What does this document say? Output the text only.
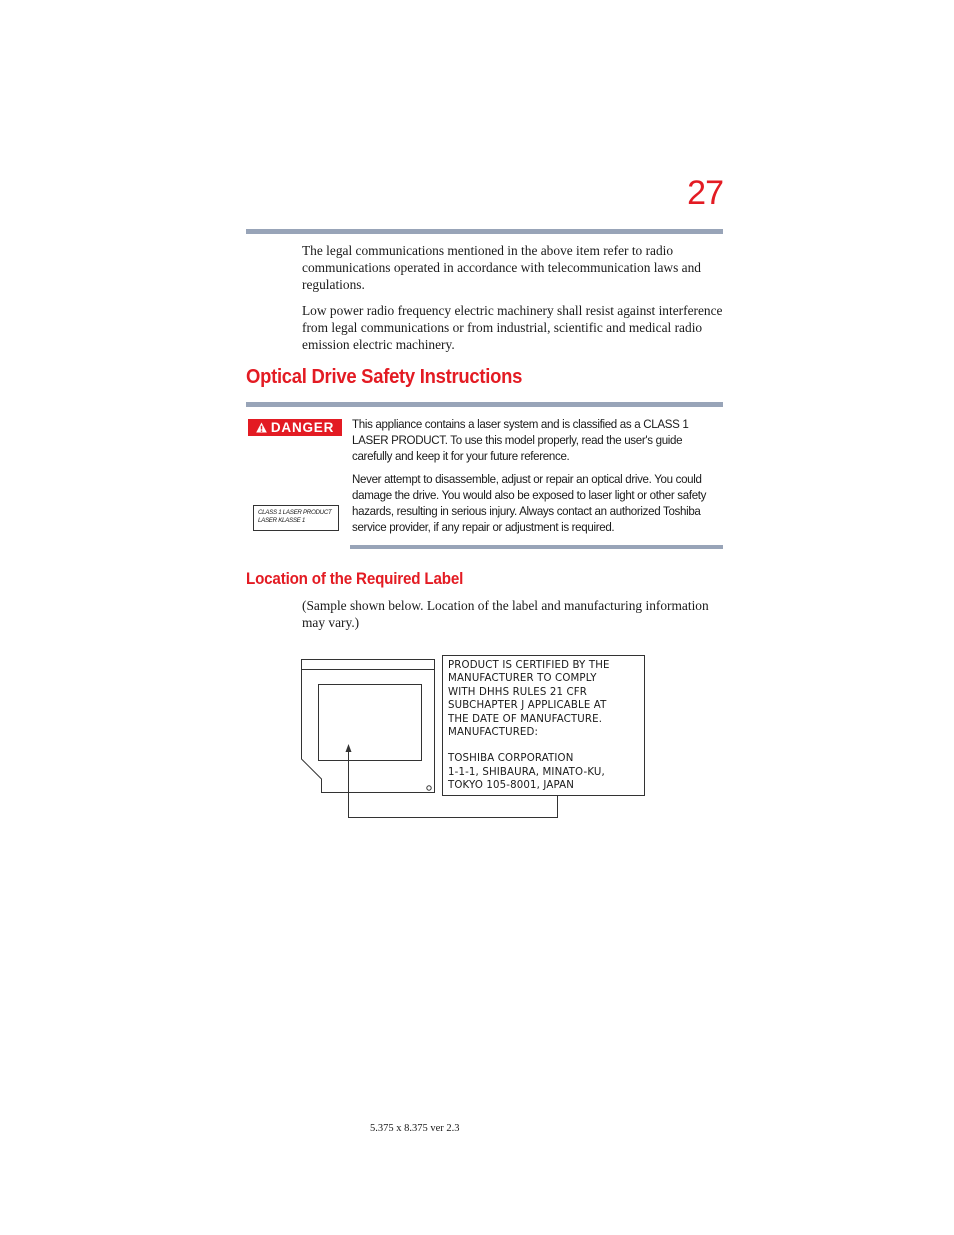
27

The legal communications mentioned in the above item refer to radio communications operated in accordance with telecommunication laws and regulations.

Low power radio frequency electric machinery shall resist against interference from legal communications or from industrial, scientific and medical radio emission electric machinery.

Optical Drive Safety Instructions
DANGER
CLASS 1 LASER PRODUCT
LASER KLASSE 1

This appliance contains a laser system and is classified as a CLASS 1 LASER PRODUCT. To use this model properly, read the user's guide carefully and keep it for your future reference.

Never attempt to disassemble, adjust or repair an optical drive. You could damage the drive. You would also be exposed to laser light or other safety hazards, resulting in serious injury. Always contact an authorized Toshiba service provider, if any repair or adjustment is required.

Location of the Required Label
(Sample shown below. Location of the label and manufacturing information may vary.)
PRODUCT IS CERTIFIED BY THE
MANUFACTURER TO COMPLY
WITH DHHS RULES 21 CFR
SUBCHAPTER J APPLICABLE AT
THE DATE OF MANUFACTURE.
MANUFACTURED:
TOSHIBA CORPORATION
1-1-1, SHIBAURA, MINATO-KU,
TOKYO 105-8001, JAPAN
5.375 x 8.375 ver 2.3
